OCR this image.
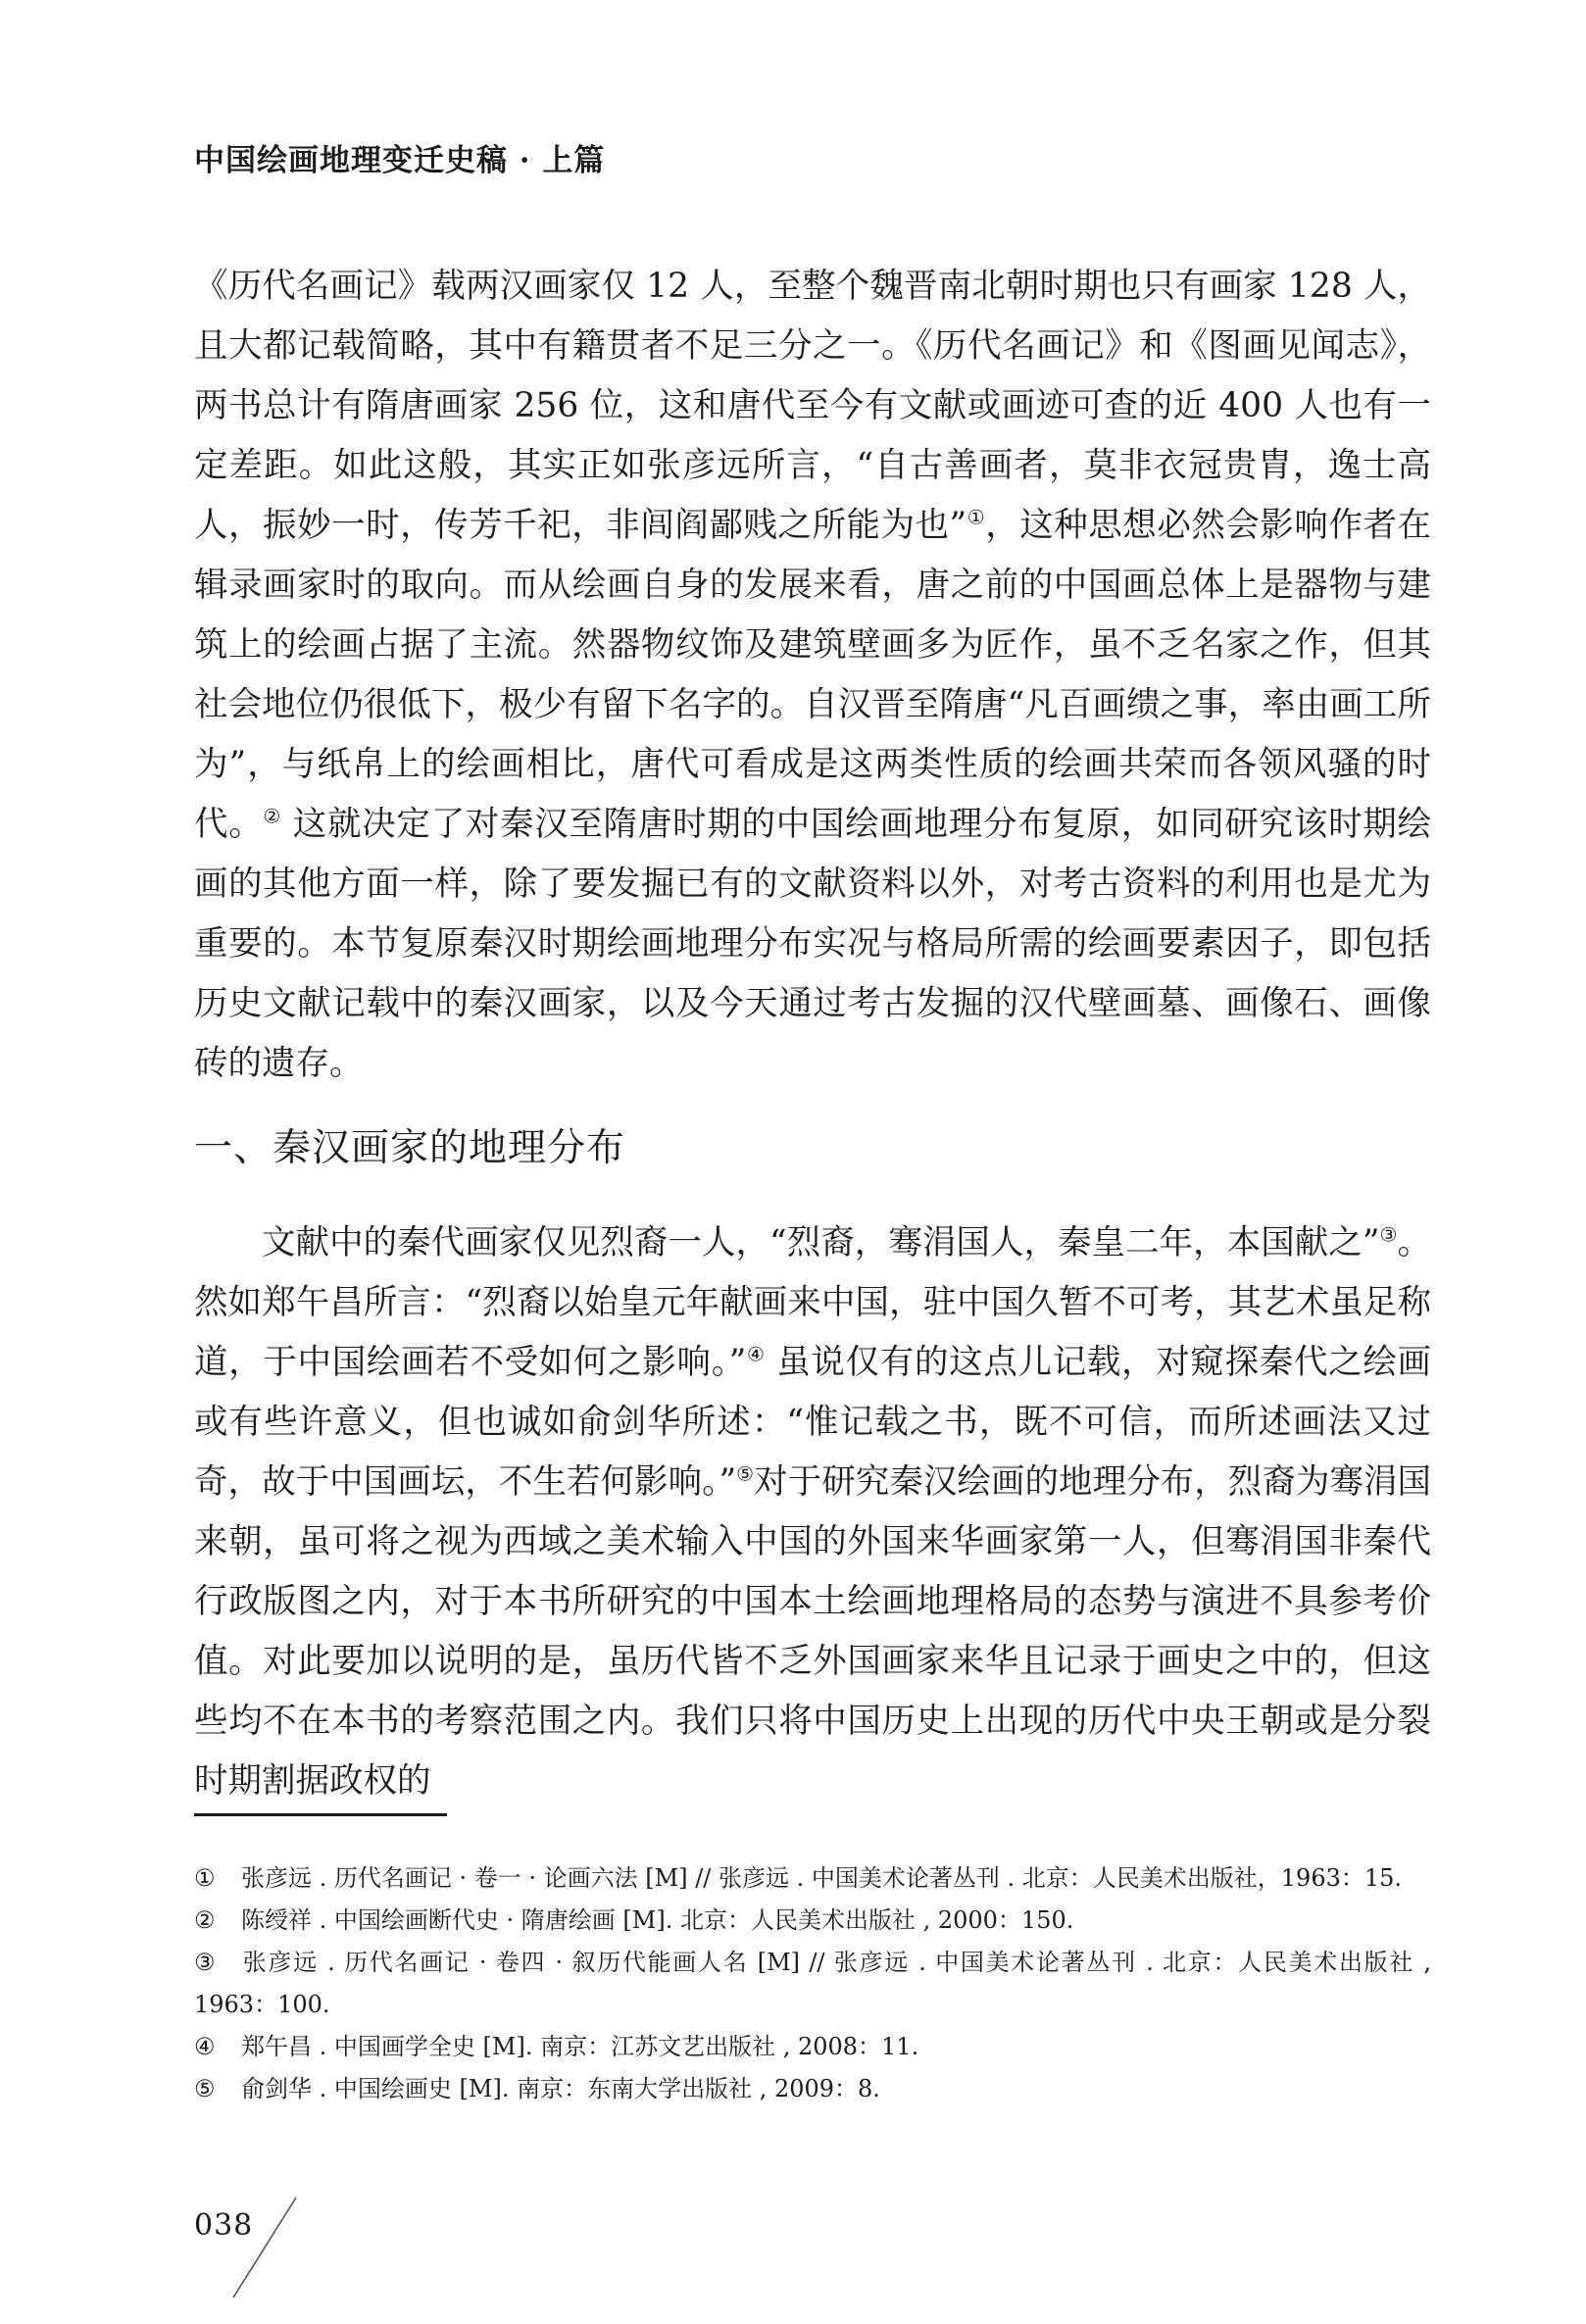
中国绘画地理变迁史稿 · 上篇

《历代名画记》载两汉画家仅 12 人，至整个魏晋南北朝时期也只有画家 128 人，且大都记载简略，其中有籍贯者不足三分之一。《历代名画记》和《图画见闻志》，两书总计有隋唐画家 256 位，这和唐代至今有文献或画迹可查的近 400 人也有一定差距。如此这般，其实正如张彦远所言，“自古善画者，莫非衣冠贵胄，逸士高人，振妙一时，传芳千祀，非闾阎鄙贱之所能为也”①，这种思想必然会影响作者在辑录画家时的取向。而从绘画自身的发展来看，唐之前的中国画总体上是器物与建筑上的绘画占据了主流。然器物纹饰及建筑壁画多为匠作，虽不乏名家之作，但其社会地位仍很低下，极少有留下名字的。自汉晋至隋唐“凡百画缋之事，率由画工所为”，与纸帛上的绘画相比，唐代可看成是这两类性质的绘画共荣而各领风骚的时代。② 这就决定了对秦汉至隋唐时期的中国绘画地理分布复原，如同研究该时期绘画的其他方面一样，除了要发掘已有的文献资料以外，对考古资料的利用也是尤为重要的。本节复原秦汉时期绘画地理分布实况与格局所需的绘画要素因子，即包括历史文献记载中的秦汉画家，以及今天通过考古发掘的汉代壁画墓、画像石、画像砖的遗存。

一、秦汉画家的地理分布

文献中的秦代画家仅见烈裔一人，“烈裔，骞涓国人，秦皇二年，本国献之”③。然如郑午昌所言：“烈裔以始皇元年献画来中国，驻中国久暂不可考，其艺术虽足称道，于中国绘画若不受如何之影响。”④ 虽说仅有的这点儿记载，对窥探秦代之绘画或有些许意义，但也诚如俞剑华所述：“惟记载之书，既不可信，而所述画法又过奇，故于中国画坛，不生若何影响。”⑤对于研究秦汉绘画的地理分布，烈裔为骞涓国来朝，虽可将之视为西域之美术输入中国的外国来华画家第一人，但骞涓国非秦代行政版图之内，对于本书所研究的中国本土绘画地理格局的态势与演进不具参考价值。对此要加以说明的是，虽历代皆不乏外国画家来华且记录于画史之中的，但这些均不在本书的考察范围之内。我们只将中国历史上出现的历代中央王朝或是分裂时期割据政权的

① 张彦远 . 历代名画记 · 卷一 · 论画六法 [M] // 张彦远 . 中国美术论著丛刊 . 北京：人民美术出版社，1963：15.
② 陈绶祥 . 中国绘画断代史 · 隋唐绘画 [M]. 北京：人民美术出版社 , 2000：150.
③ 张彦远 . 历代名画记 · 卷四 · 叙历代能画人名 [M] // 张彦远 . 中国美术论著丛刊 . 北京：人民美术出版社 , 1963：100.
④ 郑午昌 . 中国画学全史 [M]. 南京：江苏文艺出版社 , 2008：11.
⑤ 俞剑华 . 中国绘画史 [M]. 南京：东南大学出版社 , 2009：8.
038
